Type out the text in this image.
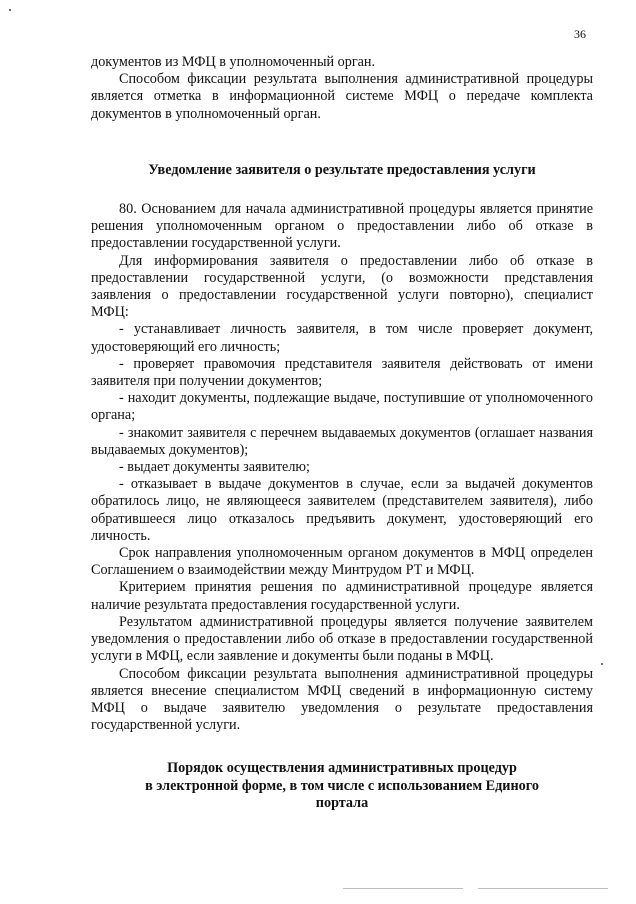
36

документов из МФЦ в уполномоченный орган.

Способом фиксации результата выполнения административной процедуры является отметка в информационной системе МФЦ о передаче комплекта документов в уполномоченный орган.

Уведомление заявителя о результате предоставления услуги

80. Основанием для начала административной процедуры является принятие решения уполномоченным органом о предоставлении либо об отказе в предоставлении государственной услуги.

Для информирования заявителя о предоставлении либо об отказе в предоставлении государственной услуги, (о возможности представления заявления о предоставлении государственной услуги повторно), специалист МФЦ:

- устанавливает личность заявителя, в том числе проверяет документ, удостоверяющий его личность;

- проверяет правомочия представителя заявителя действовать от имени заявителя при получении документов;

- находит документы, подлежащие выдаче, поступившие от уполномоченного органа;

- знакомит заявителя с перечнем выдаваемых документов (оглашает названия выдаваемых документов);

- выдает документы заявителю;

- отказывает в выдаче документов в случае, если за выдачей документов обратилось лицо, не являющееся заявителем (представителем заявителя), либо обратившееся лицо отказалось предъявить документ, удостоверяющий его личность.

Срок направления уполномоченным органом документов в МФЦ определен Соглашением о взаимодействии между Минтрудом РТ и МФЦ.

Критерием принятия решения по административной процедуре является наличие результата предоставления государственной услуги.

Результатом административной процедуры является получение заявителем уведомления о предоставлении либо об отказе в предоставлении государственной услуги в МФЦ, если заявление и документы были поданы в МФЦ.

Способом фиксации результата выполнения административной процедуры является внесение специалистом МФЦ сведений в информационную систему МФЦ о выдаче заявителю уведомления о результате предоставления государственной услуги.

Порядок осуществления административных процедур
в электронной форме, в том числе с использованием Единого
портала
